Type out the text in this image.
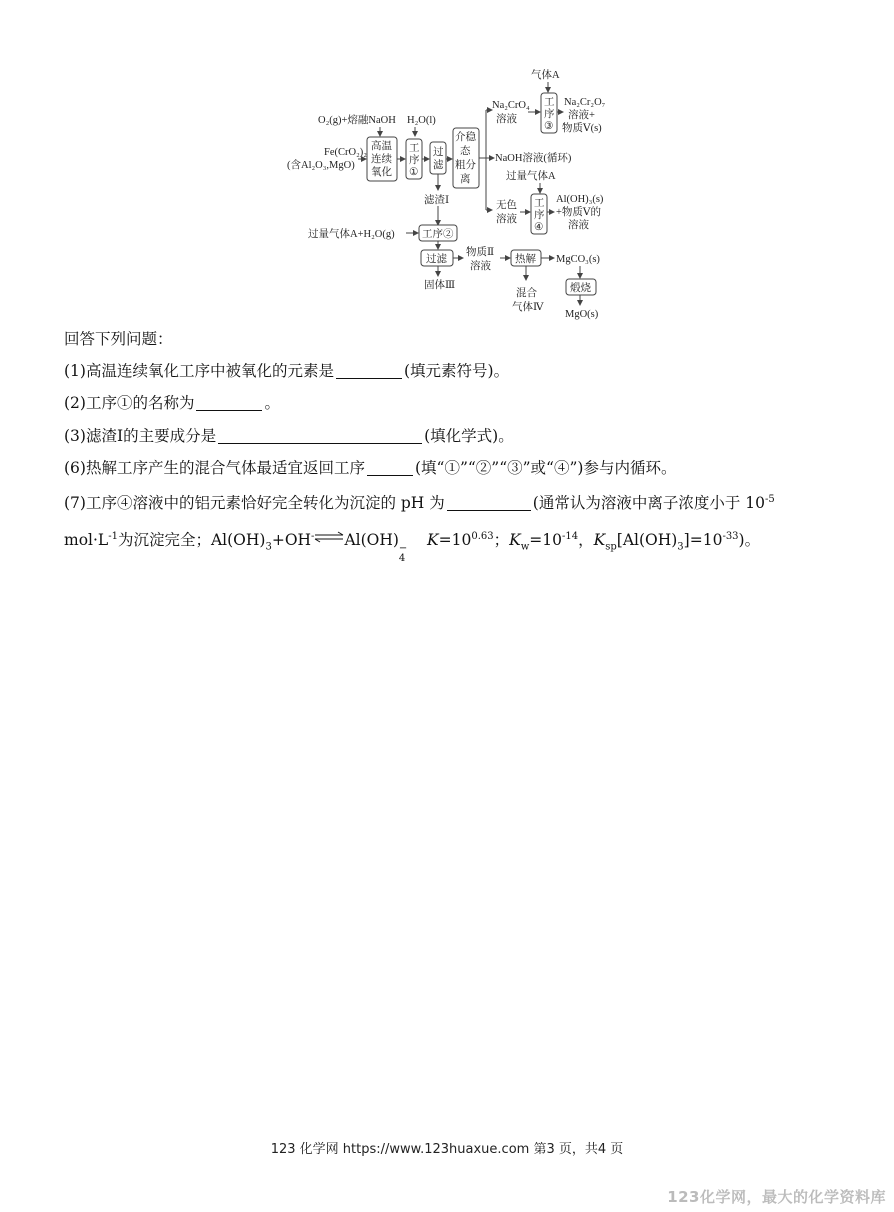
O₂(g)+熔融NaOH H₂O(l)
Fe(CrO₂)₂
(含Al₂O₃,MgO)
高温
连续
氧化
工
序
①
过
滤
滤渣Ⅰ
介稳
态
粗分
离
Na₂CrO₄
溶液
气体A
工
序
③
Na₂Cr₂O₇
溶液+
物质Ⅴ(s)
NaOH溶液(循环)
过量气体A
无色
溶液
工
序
④
Al(OH)₃(s)
+物质Ⅴ的
溶液
过量气体A+H₂O(g)	工序②
过滤
固体Ⅲ
物质Ⅱ
溶液
热解
混合
气体Ⅳ
MgCO₃(s)
煅烧
MgO(s)

回答下列问题：

(1)高温连续氧化工序中被氧化的元素是	(填元素符号)。

(2)工序①的名称为	。

(3)滤渣I的主要成分是	(填化学式)。

(6)热解工序产生的混合气体最适宜返回工序	(填“①”“②”“③”或“④”)参与内循环。

(7)工序④溶液中的铝元素恰好完全转化为沉淀的 pH 为	(通常认为溶液中离子浓度小于 $10^{-5}$

$mol\cdot L^{-1}$为沉淀完全；$Al(OH)_3+OH^-\rightleftharpoons Al(OH)$ −
4
$K=10^{0.63}$；$K_w=10^{-14}$，$K_{sp}[Al(OH)_3]=10^{-33}$)。

123 化学网 https://www.123huaxue.com 第3 页，共4 页
123化学网，最大的化学资料库
